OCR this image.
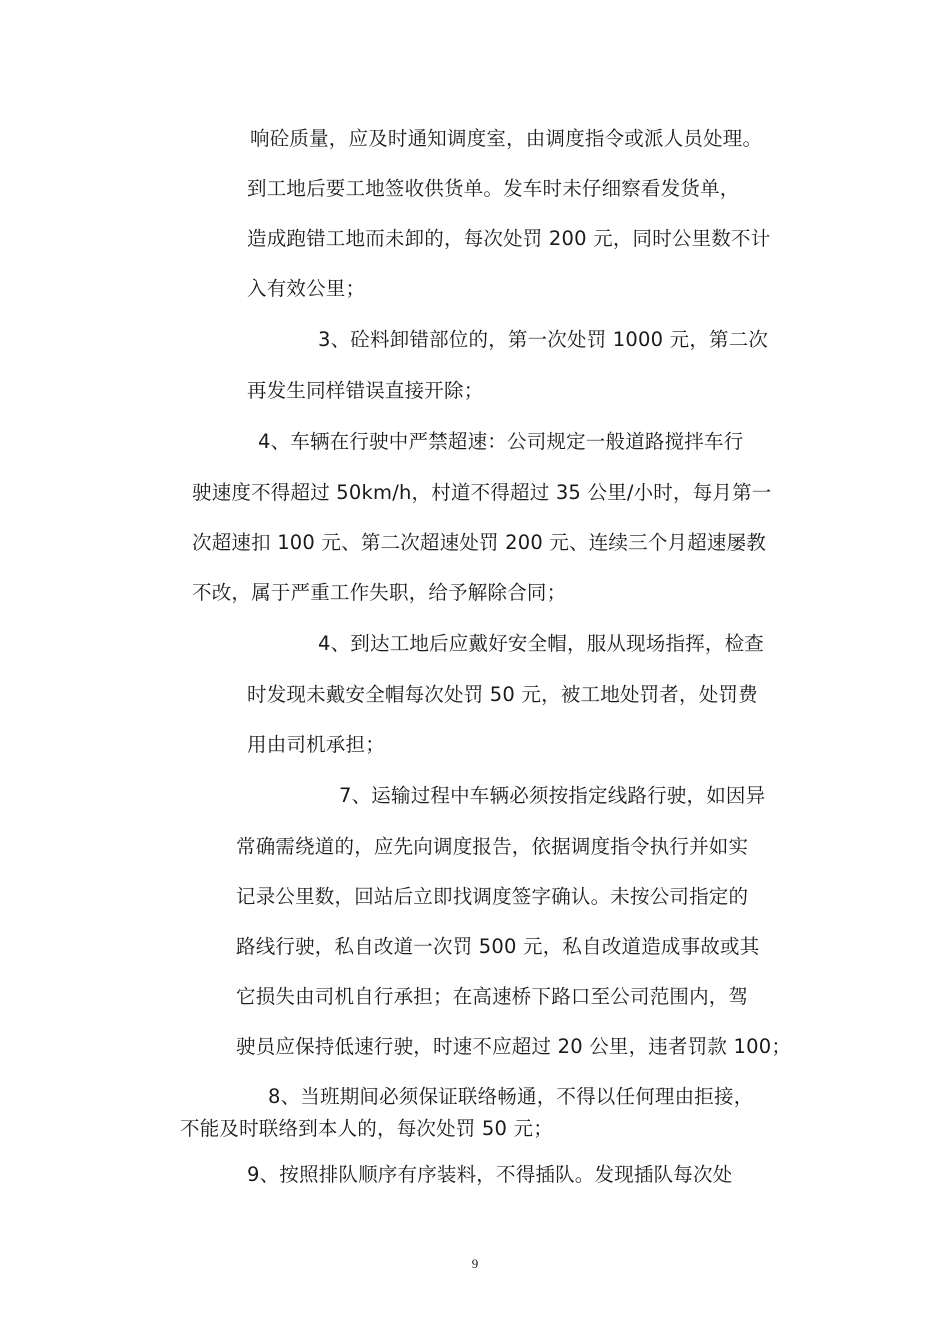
响砼质量，应及时通知调度室，由调度指令或派人员处理。
到工地后要工地签收供货单。发车时未仔细察看发货单，
造成跑错工地而未卸的，每次处罚 200 元，同时公里数不计
入有效公里；
3、砼料卸错部位的，第一次处罚 1000 元，第二次
再发生同样错误直接开除；
4、车辆在行驶中严禁超速：公司规定一般道路搅拌车行
驶速度不得超过 50km/h，村道不得超过 35 公里/小时，每月第一
次超速扣 100 元、第二次超速处罚 200 元、连续三个月超速屡教
不改，属于严重工作失职，给予解除合同；
4、到达工地后应戴好安全帽，服从现场指挥，检查
时发现未戴安全帽每次处罚 50 元，被工地处罚者，处罚费
用由司机承担；
7、运输过程中车辆必须按指定线路行驶，如因异
常确需绕道的，应先向调度报告，依据调度指令执行并如实
记录公里数，回站后立即找调度签字确认。未按公司指定的
路线行驶，私自改道一次罚 500 元，私自改道造成事故或其
它损失由司机自行承担；在高速桥下路口至公司范围内，驾
驶员应保持低速行驶，时速不应超过 20 公里，违者罚款 100；
8、当班期间必须保证联络畅通，不得以任何理由拒接，
不能及时联络到本人的，每次处罚 50 元；
9、按照排队顺序有序装料，不得插队。发现插队每次处
9
